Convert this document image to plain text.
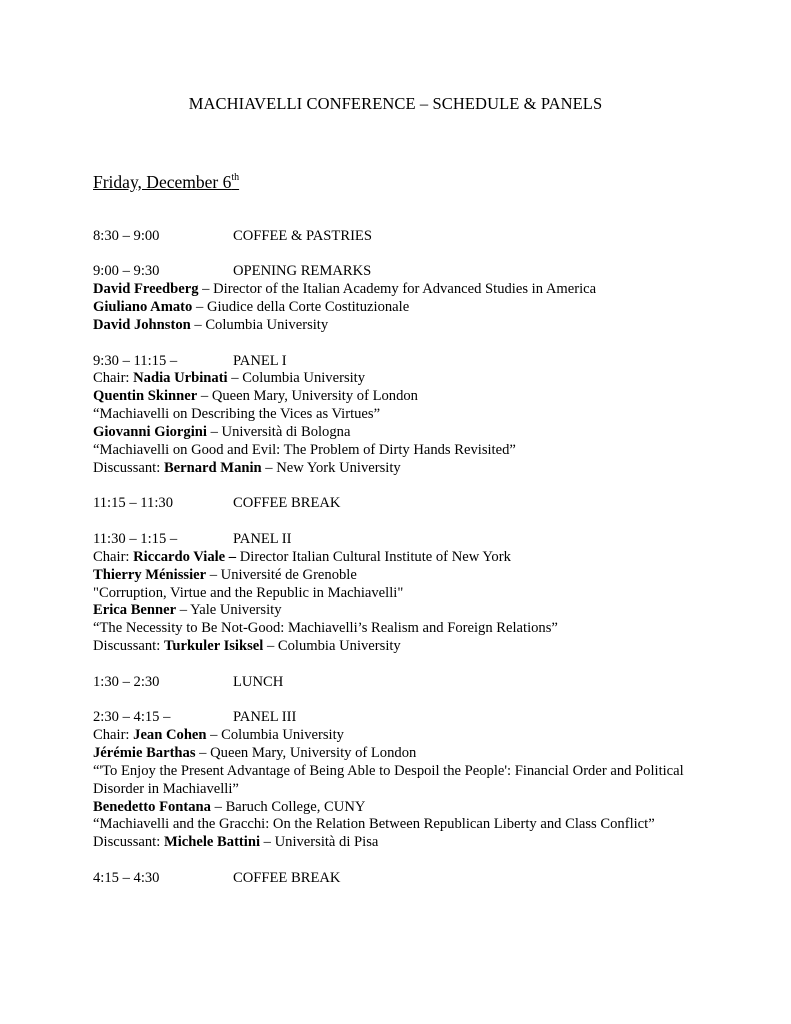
MACHIAVELLI CONFERENCE – SCHEDULE & PANELS
Friday, December 6th
8:30 – 9:00	COFFEE & PASTRIES
9:00 – 9:30	OPENING REMARKS
David Freedberg – Director of the Italian Academy for Advanced Studies in America
Giuliano Amato – Giudice della Corte Costituzionale
David Johnston – Columbia University
9:30 – 11:15 –	PANEL I
Chair: Nadia Urbinati – Columbia University
Quentin Skinner – Queen Mary, University of London
“Machiavelli on Describing the Vices as Virtues”
Giovanni Giorgini – Università di Bologna
“Machiavelli on Good and Evil: The Problem of Dirty Hands Revisited”
Discussant: Bernard Manin – New York University
11:15 – 11:30	COFFEE BREAK
11:30 – 1:15 –	PANEL II
Chair: Riccardo Viale – Director Italian Cultural Institute of New York
Thierry Ménissier – Université de Grenoble
"Corruption, Virtue and the Republic in Machiavelli"
Erica Benner – Yale University
“The Necessity to Be Not-Good: Machiavelli’s Realism and Foreign Relations”
Discussant: Turkuler Isiksel – Columbia University
1:30 – 2:30	LUNCH
2:30 – 4:15 –	PANEL III
Chair: Jean Cohen – Columbia University
Jérémie Barthas – Queen Mary, University of London
“'To Enjoy the Present Advantage of Being Able to Despoil the People': Financial Order and Political Disorder in Machiavelli”
Benedetto Fontana – Baruch College, CUNY
“Machiavelli and the Gracchi: On the Relation Between Republican Liberty and Class Conflict”
Discussant: Michele Battini – Università di Pisa
4:15 – 4:30	COFFEE BREAK
